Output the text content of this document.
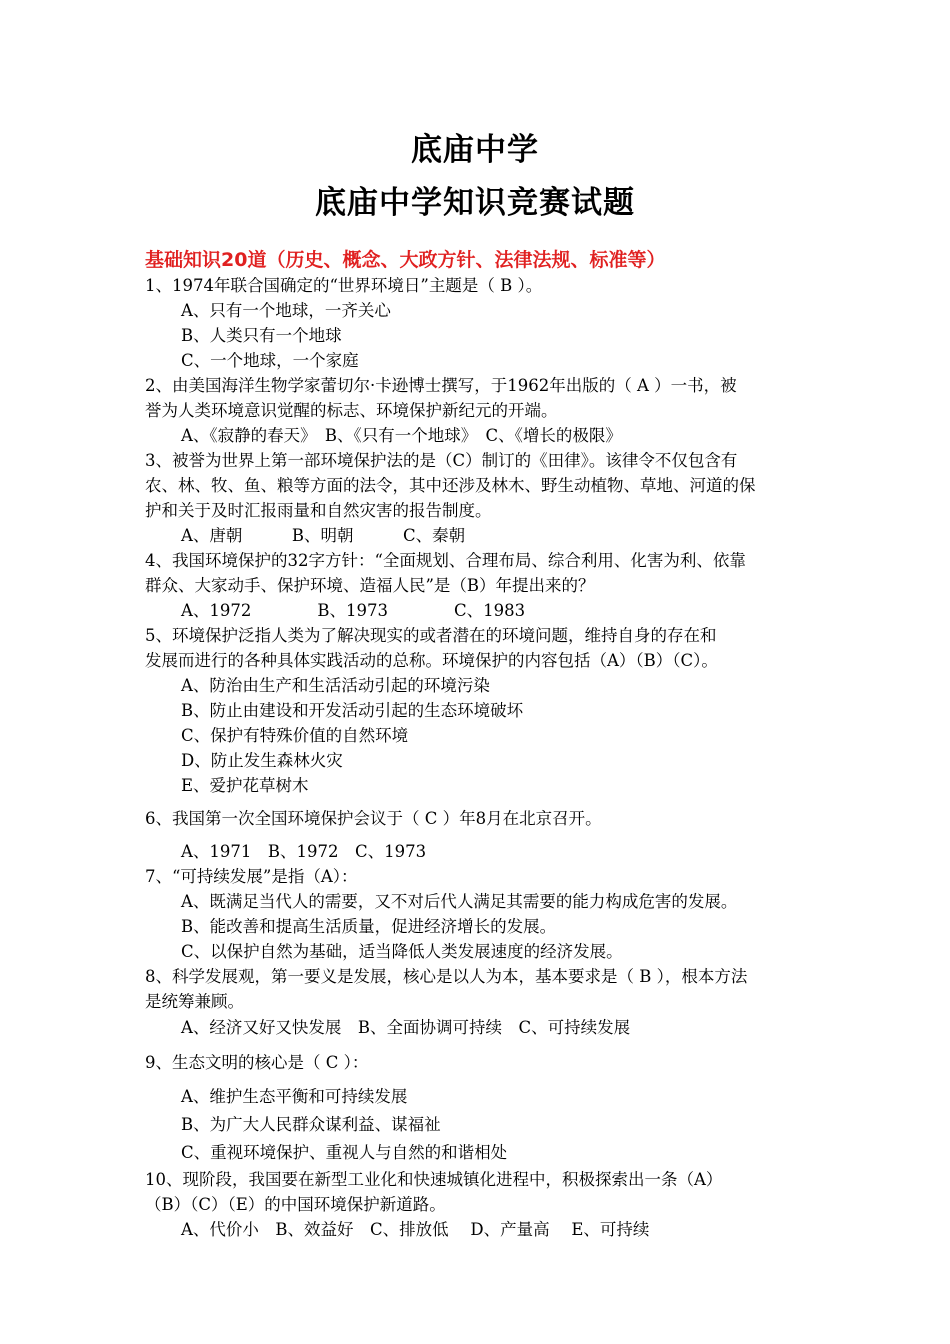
底庙中学
底庙中学知识竞赛试题
基础知识20道（历史、概念、大政方针、法律法规、标准等）
1、1974年联合国确定的“世界环境日”主题是（ B ）。
A、只有一个地球，一齐关心
B、人类只有一个地球
C、一个地球，一个家庭
2、由美国海洋生物学家蕾切尔·卡逊博士撰写，于1962年出版的（ A ）一书，被
誉为人类环境意识觉醒的标志、环境保护新纪元的开端。
A、《寂静的春天》　B、《只有一个地球》　C、《增长的极限》
3、被誉为世界上第一部环境保护法的是（C）制订的《田律》。该律令不仅包含有
农、林、牧、鱼、粮等方面的法令，其中还涉及林木、野生动植物、草地、河道的保
护和关于及时汇报雨量和自然灾害的报告制度。
A、唐朝　　　B、明朝　　　C、秦朝
4、我国环境保护的32字方针：“全面规划、合理布局、综合利用、化害为利、依靠
群众、大家动手、保护环境、造福人民”是（B）年提出来的？
A、1972　　　　B、1973　　　　C、1983
5、环境保护泛指人类为了解决现实的或者潜在的环境问题，维持自身的存在和
发展而进行的各种具体实践活动的总称。环境保护的内容包括（A）（B）（C）。
A、防治由生产和生活活动引起的环境污染
B、防止由建设和开发活动引起的生态环境破坏
C、保护有特殊价值的自然环境
D、防止发生森林火灾
E、爱护花草树木
6、我国第一次全国环境保护会议于（ C ）年8月在北京召开。
A、1971　B、1972　C、1973
7、“可持续发展”是指（A）：
A、既满足当代人的需要，又不对后代人满足其需要的能力构成危害的发展。
B、能改善和提高生活质量，促进经济增长的发展。
C、以保护自然为基础，适当降低人类发展速度的经济发展。
8、科学发展观，第一要义是发展，核心是以人为本，基本要求是（ B ），根本方法
是统筹兼顾。
A、经济又好又快发展　B、全面协调可持续　C、可持续发展
9、生态文明的核心是（ C ）：
A、维护生态平衡和可持续发展
B、为广大人民群众谋利益、谋福祉
C、重视环境保护、重视人与自然的和谐相处
10、现阶段，我国要在新型工业化和快速城镇化进程中，积极探索出一条（A）
（B）（C）（E）的中国环境保护新道路。
A、代价小　B、效益好　C、排放低　 D、产量高　 E、可持续
